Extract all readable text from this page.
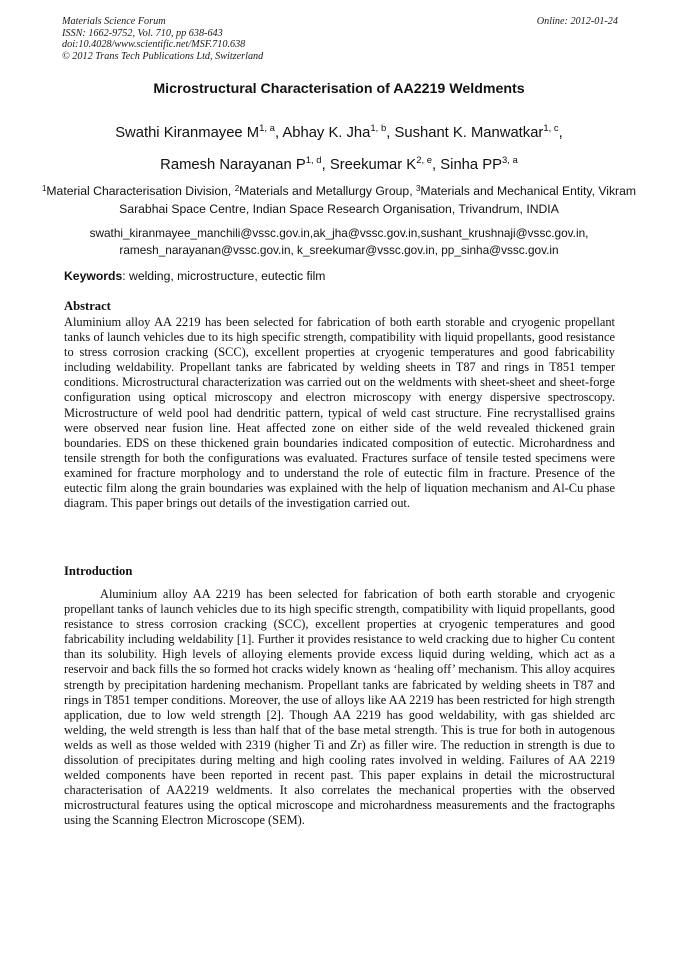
Materials Science Forum
ISSN: 1662-9752, Vol. 710, pp 638-643
doi:10.4028/www.scientific.net/MSF.710.638
© 2012 Trans Tech Publications Ltd, Switzerland
Online: 2012-01-24
Microstructural Characterisation of AA2219 Weldments
Swathi Kiranmayee M$^{1, a}$, Abhay K. Jha$^{1, b}$, Sushant K. Manwatkar$^{1, c}$,
Ramesh Narayanan P$^{1, d}$, Sreekumar K$^{2, e}$, Sinha PP$^{3, a}$
$^1$Material Characterisation Division, $^2$Materials and Metallurgy Group, $^3$Materials and Mechanical Entity, Vikram Sarabhai Space Centre, Indian Space Research Organisation, Trivandrum, INDIA
swathi_kiranmayee_manchili@vssc.gov.in,ak_jha@vssc.gov.in,sushant_krushnaji@vssc.gov.in,
ramesh_narayanan@vssc.gov.in, k_sreekumar@vssc.gov.in, pp_sinha@vssc.gov.in
Keywords: welding, microstructure, eutectic film
Abstract
Aluminium alloy AA 2219 has been selected for fabrication of both earth storable and cryogenic propellant tanks of launch vehicles due to its high specific strength, compatibility with liquid propellants, good resistance to stress corrosion cracking (SCC), excellent properties at cryogenic temperatures and good fabricability including weldability. Propellant tanks are fabricated by welding sheets in T87 and rings in T851 temper conditions. Microstructural characterization was carried out on the weldments with sheet-sheet and sheet-forge configuration using optical microscopy and electron microscopy with energy dispersive spectroscopy. Microstructure of weld pool had dendritic pattern, typical of weld cast structure. Fine recrystallised grains were observed near fusion line. Heat affected zone on either side of the weld revealed thickened grain boundaries. EDS on these thickened grain boundaries indicated composition of eutectic. Microhardness and tensile strength for both the configurations was evaluated. Fractures surface of tensile tested specimens were examined for fracture morphology and to understand the role of eutectic film in fracture. Presence of the eutectic film along the grain boundaries was explained with the help of liquation mechanism and Al-Cu phase diagram. This paper brings out details of the investigation carried out.
Introduction
Aluminium alloy AA 2219 has been selected for fabrication of both earth storable and cryogenic propellant tanks of launch vehicles due to its high specific strength, compatibility with liquid propellants, good resistance to stress corrosion cracking (SCC), excellent properties at cryogenic temperatures and good fabricability including weldability [1]. Further it provides resistance to weld cracking due to higher Cu content than its solubility. High levels of alloying elements provide excess liquid during welding, which act as a reservoir and back fills the so formed hot cracks widely known as ‘healing off’ mechanism. This alloy acquires strength by precipitation hardening mechanism. Propellant tanks are fabricated by welding sheets in T87 and rings in T851 temper conditions. Moreover, the use of alloys like AA 2219 has been restricted for high strength application, due to low weld strength [2]. Though AA 2219 has good weldability, with gas shielded arc welding, the weld strength is less than half that of the base metal strength. This is true for both in autogenous welds as well as those welded with 2319 (higher Ti and Zr) as filler wire. The reduction in strength is due to dissolution of precipitates during melting and high cooling rates involved in welding. Failures of AA 2219 welded components have been reported in recent past. This paper explains in detail the microstructural characterisation of AA2219 weldments. It also correlates the mechanical properties with the observed microstructural features using the optical microscope and microhardness measurements and the fractographs using the Scanning Electron Microscope (SEM).
